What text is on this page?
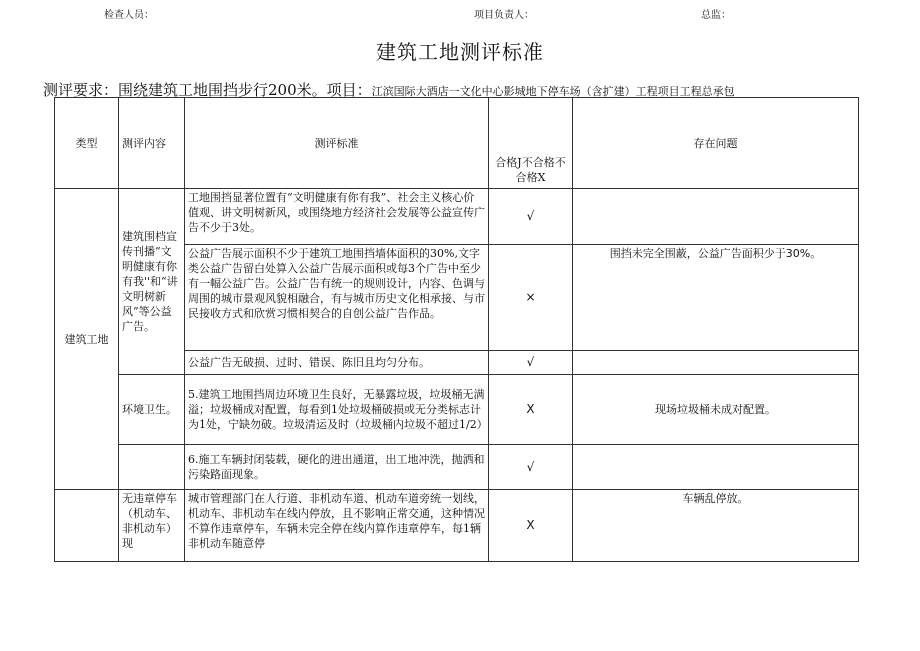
检查人员：	项目负责人：	总监：
建筑工地测评标准
测评要求：围绕建筑工地围挡步行200米。项目：江滨国际大酒店一文化中心影城地下停车场（含扩建）工程项目工程总承包
类型	测评内容	测评标准	合格J不合格不合格X	存在问题
建筑工地	建筑围档宣传刊播“文明健康有你有我''和“讲文明树新风”等公益广告。	工地围挡显著位置有“文明健康有你有我”、社会主义核心价值观、讲文明树新风，或围绕地方经济社会发展等公益宣传广告不少于3处。	√	
		公益广告展示面积不少于建筑工地围挡墙体面积的30%,文字类公益广告留白处算入公益广告展示面积或每3个广告中至少有一幅公益广告。公益广告有统一的规则设计，内容、色调与周围的城市景观风貌相融合，有与城市历史文化相承接、与市民接收方式和欣赏习惯相契合的自创公益广告作品。	×	围挡未完全围蔽，公益广告面积少于30%。
		公益广告无破损、过时、错误、陈旧且均匀分布。	√	
	环境卫生。	5.建筑工地围挡周边环境卫生良好，无暴露垃圾，垃圾桶无满溢；垃圾桶成对配置，每看到1处垃圾桶破损或无分类标志计为1处，宁缺勿破。垃圾清运及时（垃圾桶内垃圾不超过1/2）	X	现场垃圾桶未成对配置。
		6.施工车辆封闭装载，硬化的进出通道，出工地冲洗，抛洒和污染路面现象。	√	
	无违章停车（机动车、非机动车）现	城市管理部门在人行道、非机动车道、机动车道旁统一划线，机动车、非机动车在线内停放，且不影响正常交通，这种情况不算作违章停车，车辆未完全停在线内算作违章停车，每1辆非机动车随意停	X	车辆乱停放。
